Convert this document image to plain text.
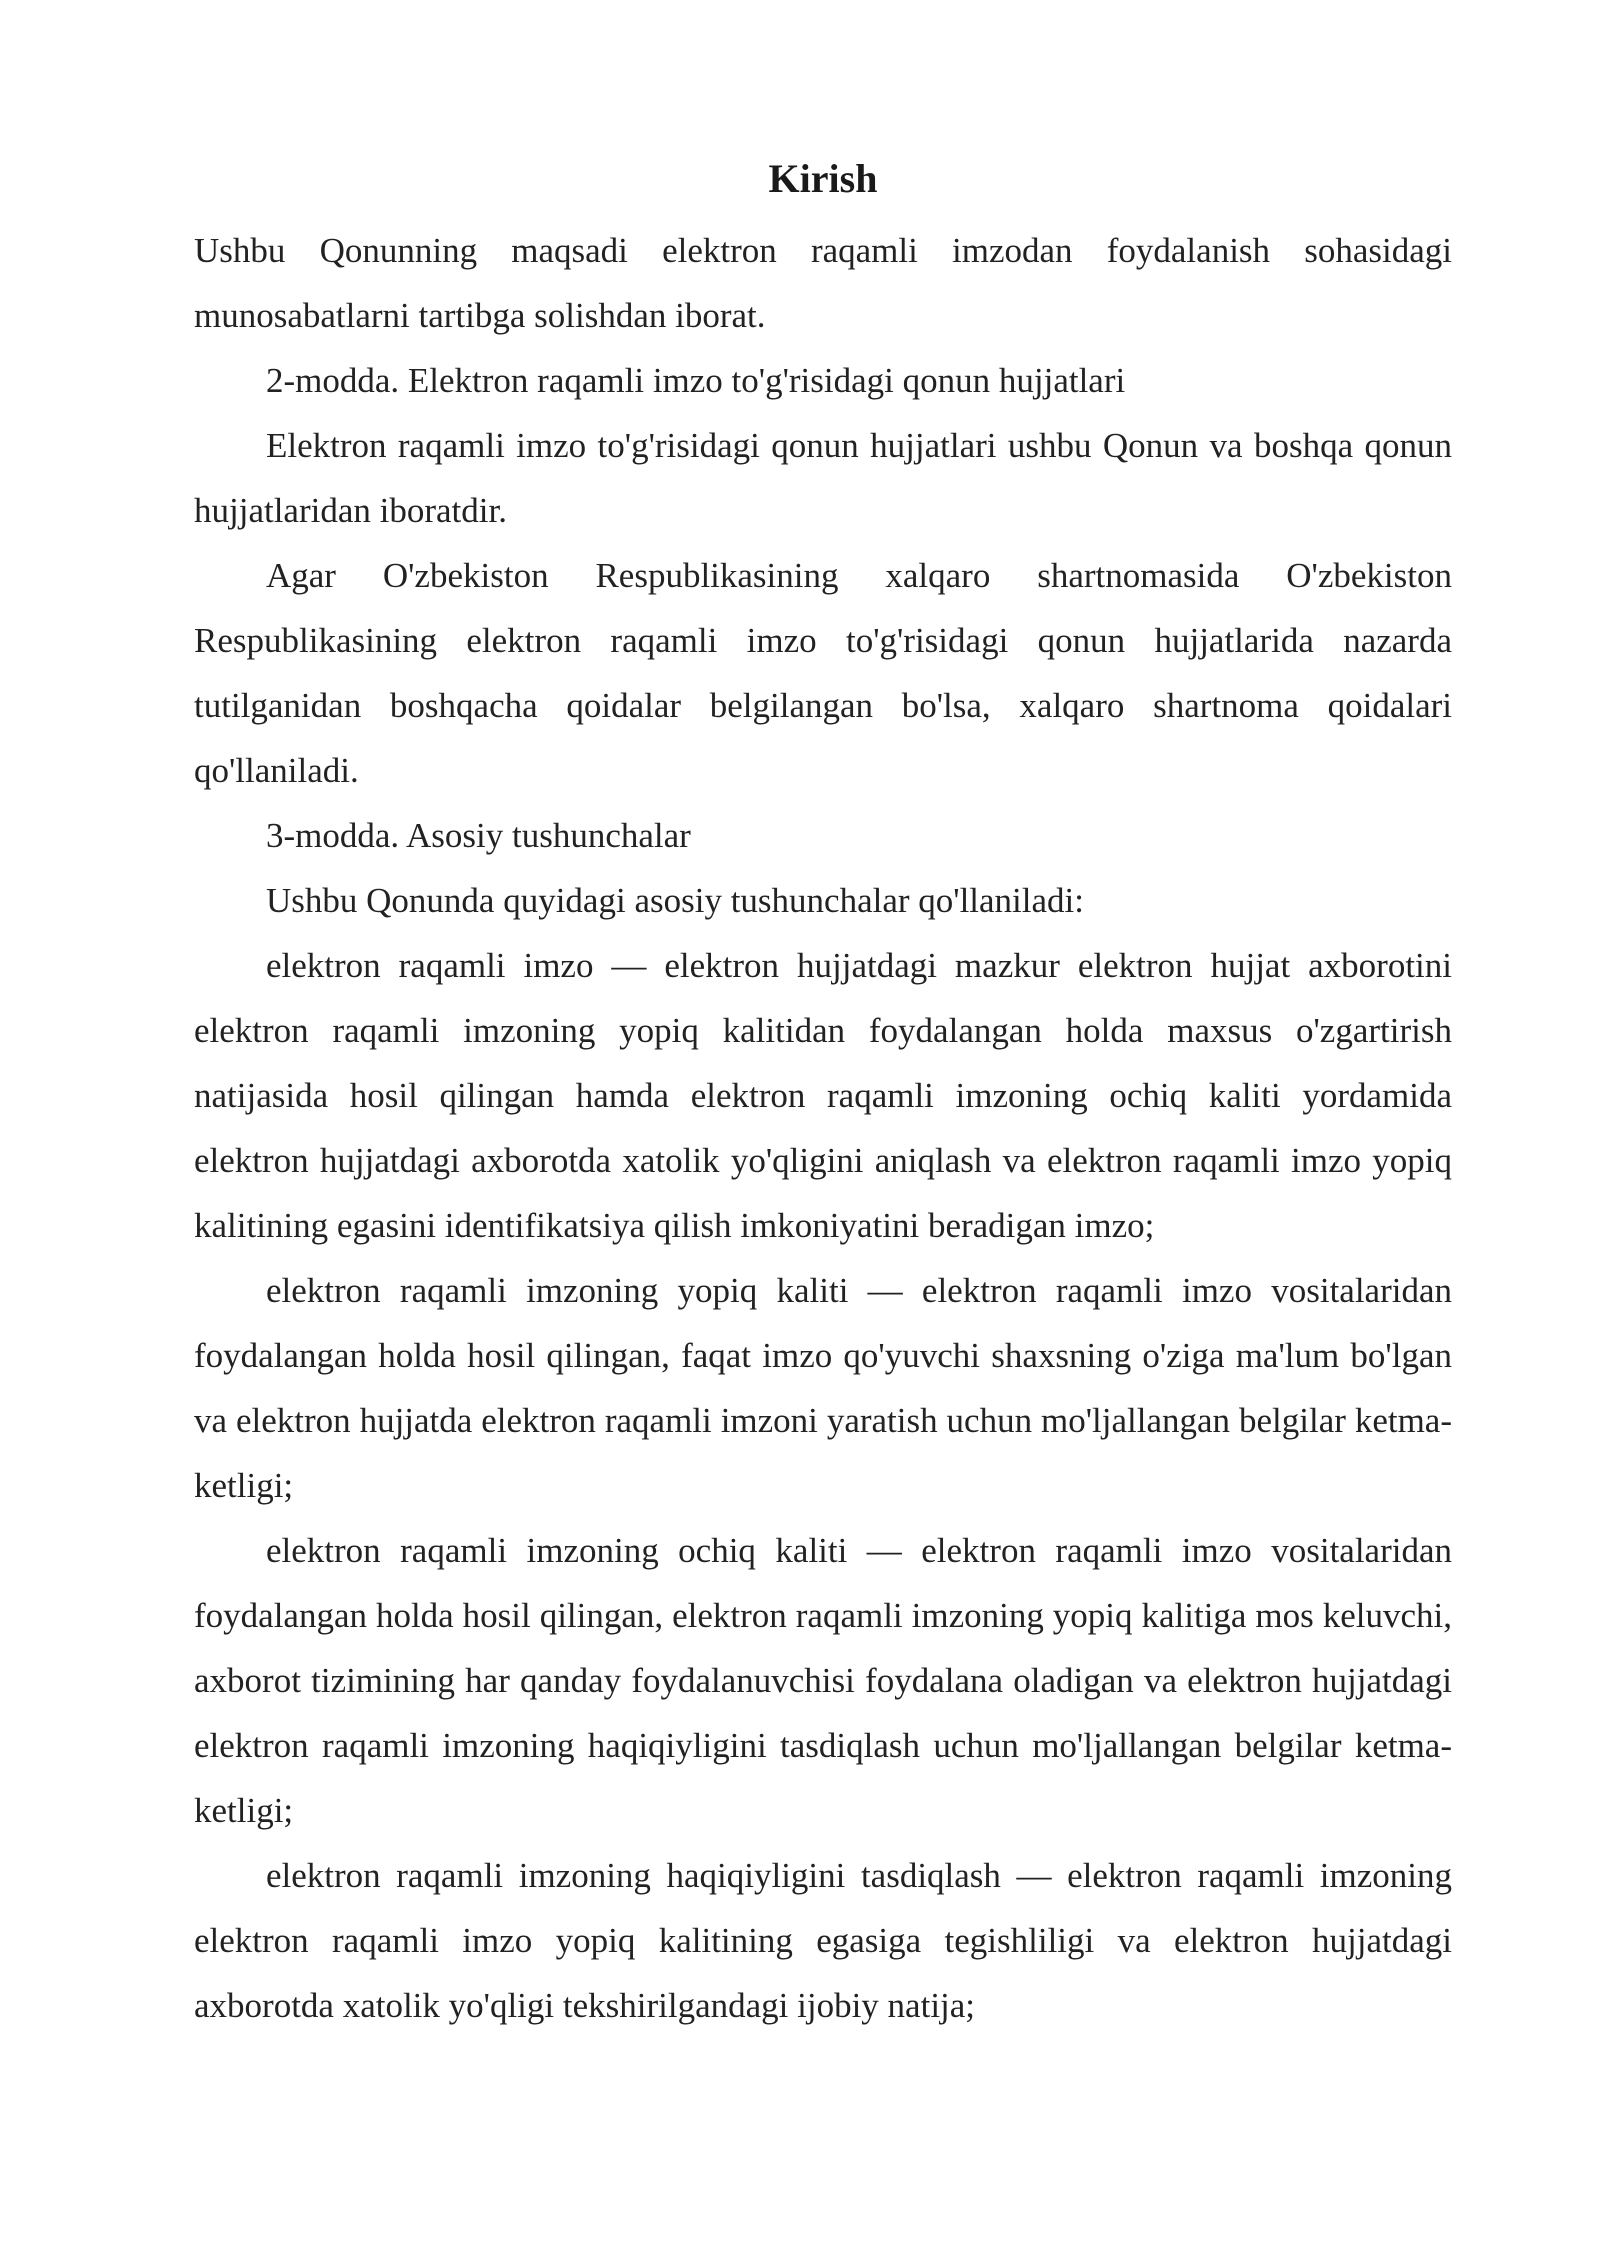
Kirish

Ushbu Qonunning maqsadi elektron raqamli imzodan foydalanish sohasidagi munosabatlarni tartibga solishdan iborat.

2-modda. Elektron raqamli imzo to'g'risidagi qonun hujjatlari

Elektron raqamli imzo to'g'risidagi qonun hujjatlari ushbu Qonun va boshqa qonun hujjatlaridan iboratdir.

Agar O'zbekiston Respublikasining xalqaro shartnomasida O'zbekiston Respublikasining elektron raqamli imzo to'g'risidagi qonun hujjatlarida nazarda tutilganidan boshqacha qoidalar belgilangan bo'lsa, xalqaro shartnoma qoidalari qo'llaniladi.

3-modda. Asosiy tushunchalar

Ushbu Qonunda quyidagi asosiy tushunchalar qo'llaniladi:

elektron raqamli imzo — elektron hujjatdagi mazkur elektron hujjat axborotini elektron raqamli imzoning yopiq kalitidan foydalangan holda maxsus o'zgartirish natijasida hosil qilingan hamda elektron raqamli imzoning ochiq kaliti yordamida elektron hujjatdagi axborotda xatolik yo'qligini aniqlash va elektron raqamli imzo yopiq kalitining egasini identifikatsiya qilish imkoniyatini beradigan imzo;

elektron raqamli imzoning yopiq kaliti — elektron raqamli imzo vositalaridan foydalangan holda hosil qilingan, faqat imzo qo'yuvchi shaxsning o'ziga ma'lum bo'lgan va elektron hujjatda elektron raqamli imzoni yaratish uchun mo'ljallangan belgilar ketma-ketligi;

elektron raqamli imzoning ochiq kaliti — elektron raqamli imzo vositalaridan foydalangan holda hosil qilingan, elektron raqamli imzoning yopiq kalitiga mos keluvchi, axborot tizimining har qanday foydalanuvchisi foydalana oladigan va elektron hujjatdagi elektron raqamli imzoning haqiqiyligini tasdiqlash uchun mo'ljallangan belgilar ketma-ketligi;

elektron raqamli imzoning haqiqiyligini tasdiqlash — elektron raqamli imzoning elektron raqamli imzo yopiq kalitining egasiga tegishliligi va elektron hujjatdagi axborotda xatolik yo'qligi tekshirilgandagi ijobiy natija;
